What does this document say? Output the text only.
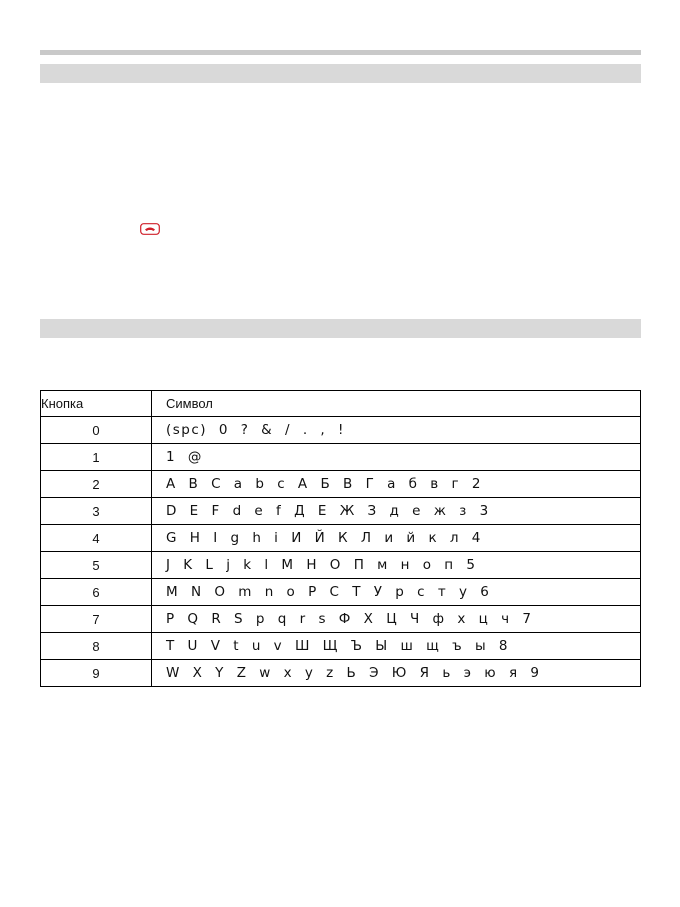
Кнопка	Символ
0	(spc) 0 ? & / . , !
1	1 @
2	A B C a b c А Б В Г а б в г 2
3	D E F d e f Д Е Ж З д е ж з 3
4	G H I g h i И Й К Л и й к л 4
5	J K L j k l М Н О П м н о п 5
6	M N O m n o Р С Т У р с т у 6
7	P Q R S p q r s Ф Х Ц Ч ф х ц ч 7
8	T U V t u v Ш Щ Ъ Ы ш щ ъ ы 8
9	W X Y Z w x y z Ь Э Ю Я ь э ю я 9
